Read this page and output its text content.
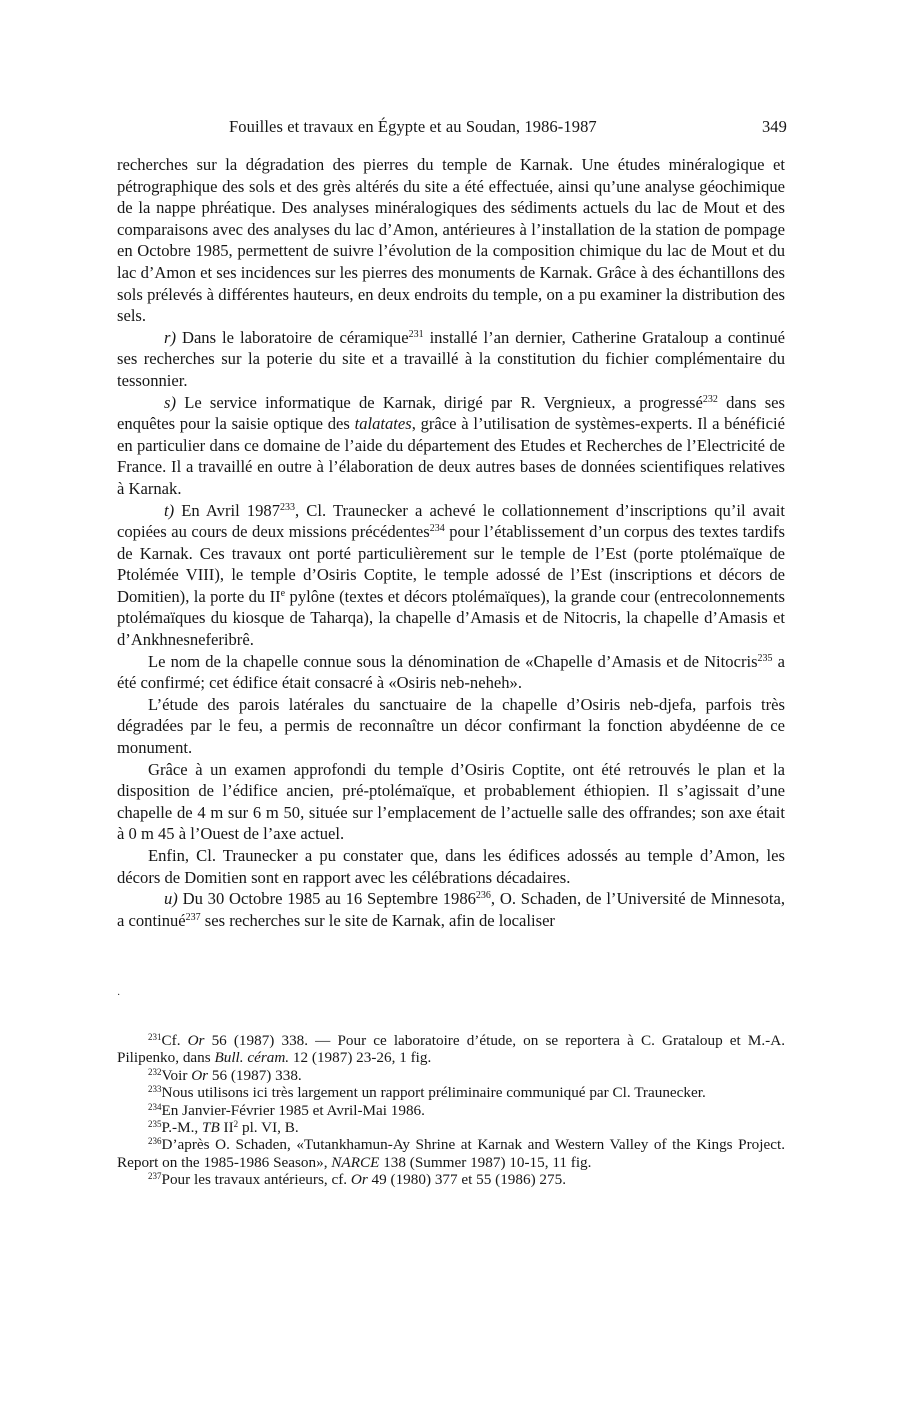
Fouilles et travaux en Égypte et au Soudan, 1986-1987	349

recherches sur la dégradation des pierres du temple de Karnak. Une études minéralogique et pétrographique des sols et des grès altérés du site a été effectuée, ainsi qu’une analyse géochimique de la nappe phréatique. Des analyses minéralogiques des sédiments actuels du lac de Mout et des comparaisons avec des analyses du lac d’Amon, antérieures à l’installation de la station de pompage en Octobre 1985, permettent de suivre l’évolution de la composition chimique du lac de Mout et du lac d’Amon et ses incidences sur les pierres des monuments de Karnak. Grâce à des échantillons des sols prélevés à différentes hauteurs, en deux endroits du temple, on a pu examiner la distribution des sels.

r) Dans le laboratoire de céramique$^{231}$ installé l’an dernier, Catherine Grataloup a continué ses recherches sur la poterie du site et a travaillé à la constitution du fichier complémentaire du tessonnier.

s) Le service informatique de Karnak, dirigé par R. Vergnieux, a progressé$^{232}$ dans ses enquêtes pour la saisie optique des talatates, grâce à l’utilisation de systèmes-experts. Il a bénéficié en particulier dans ce domaine de l’aide du département des Etudes et Recherches de l’Electricité de France. Il a travaillé en outre à l’élaboration de deux autres bases de données scientifiques relatives à Karnak.

t) En Avril 1987$^{233}$, Cl. Traunecker a achevé le collationnement d’inscriptions qu’il avait copiées au cours de deux missions précédentes$^{234}$ pour l’établissement d’un corpus des textes tardifs de Karnak. Ces travaux ont porté particulièrement sur le temple de l’Est (porte ptolémaïque de Ptolémée VIII), le temple d’Osiris Coptite, le temple adossé de l’Est (inscriptions et décors de Domitien), la porte du IIe pylône (textes et décors ptolémaïques), la grande cour (entrecolonnements ptolémaïques du kiosque de Taharqa), la chapelle d’Amasis et de Nitocris, la chapelle d’Amasis et d’Ankhnesneferibrê.

Le nom de la chapelle connue sous la dénomination de «Chapelle d’Amasis et de Nitocris$^{235}$ a été confirmé; cet édifice était consacré à «Osiris neb-neheh».

L’étude des parois latérales du sanctuaire de la chapelle d’Osiris neb-djefa, parfois très dégradées par le feu, a permis de reconnaître un décor confirmant la fonction abydéenne de ce monument.

Grâce à un examen approfondi du temple d’Osiris Coptite, ont été retrouvés le plan et la disposition de l’édifice ancien, pré-ptolémaïque, et probablement éthiopien. Il s’agissait d’une chapelle de 4 m sur 6 m 50, située sur l’emplacement de l’actuelle salle des offrandes; son axe était à 0 m 45 à l’Ouest de l’axe actuel.

Enfin, Cl. Traunecker a pu constater que, dans les édifices adossés au temple d’Amon, les décors de Domitien sont en rapport avec les célébrations décadaires.

u) Du 30 Octobre 1985 au 16 Septembre 1986$^{236}$, O. Schaden, de l’Université de Minnesota, a continué$^{237}$ ses recherches sur le site de Karnak, afin de localiser

·

$^{231}$Cf. Or 56 (1987) 338. — Pour ce laboratoire d’étude, on se reportera à C. Grataloup et M.-A. Pilipenko, dans Bull. céram. 12 (1987) 23-26, 1 fig.

$^{232}$Voir Or 56 (1987) 338.

$^{233}$Nous utilisons ici très largement un rapport préliminaire communiqué par Cl. Traunecker.

$^{234}$En Janvier-Février 1985 et Avril-Mai 1986.

$^{235}$P.-M., TB $II^2$ pl. VI, B.

$^{236}$D’après O. Schaden, «Tutankhamun-Ay Shrine at Karnak and Western Valley of the Kings Project. Report on the 1985-1986 Season», NARCE 138 (Summer 1987) 10-15, 11 fig.

$^{237}$Pour les travaux antérieurs, cf. Or 49 (1980) 377 et 55 (1986) 275.
